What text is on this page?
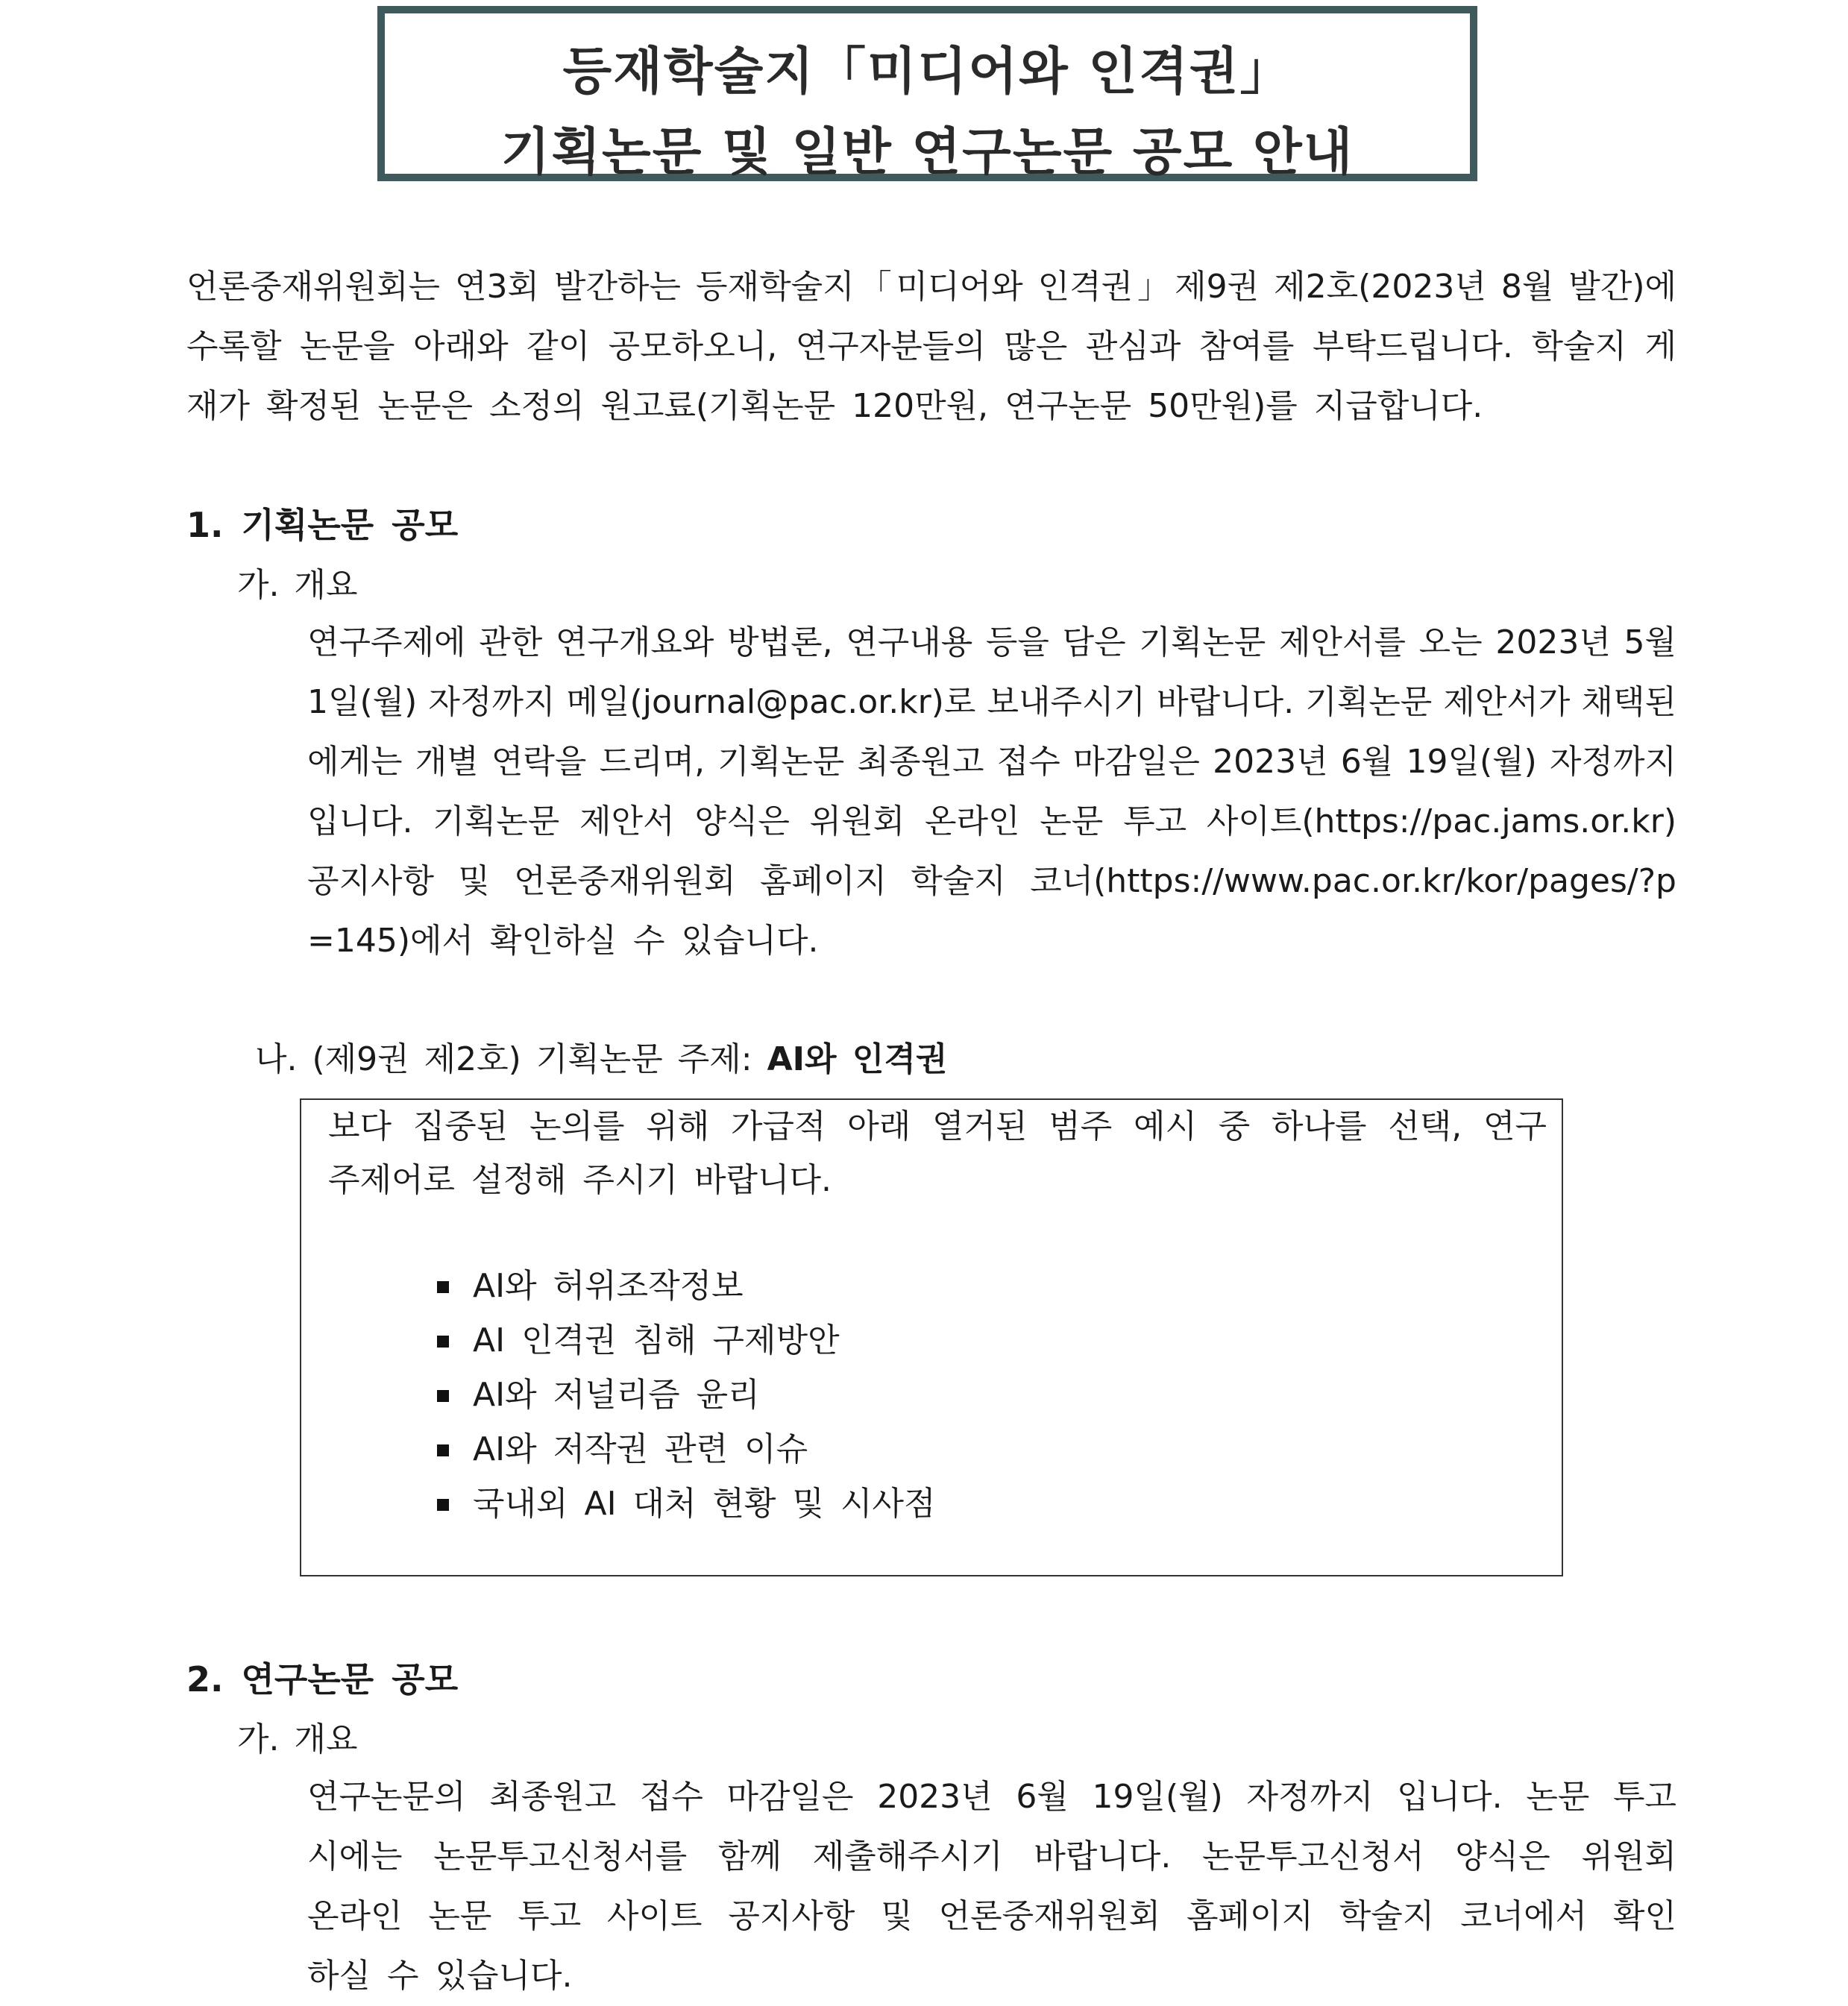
등재학술지「미디어와 인격권」
기획논문 및 일반 연구논문 공모 안내
언론중재위원회는 연3회 발간하는 등재학술지「미디어와 인격권」제9권 제2호(2023년 8월 발간)에
수록할 논문을 아래와 같이 공모하오니, 연구자분들의 많은 관심과 참여를 부탁드립니다. 학술지 게
재가 확정된 논문은 소정의 원고료(기획논문 120만원, 연구논문 50만원)를 지급합니다.
1. 기획논문 공모
가. 개요
연구주제에 관한 연구개요와 방법론, 연구내용 등을 담은 기획논문 제안서를 오는 2023년 5월
1일(월) 자정까지 메일(journal@pac.or.kr)로 보내주시기 바랍니다. 기획논문 제안서가 채택된
에게는 개별 연락을 드리며, 기획논문 최종원고 접수 마감일은 2023년 6월 19일(월) 자정까지
입니다. 기획논문 제안서 양식은 위원회 온라인 논문 투고 사이트(https://pac.jams.or.kr)
공지사항 및 언론중재위원회 홈페이지 학술지 코너(https://www.pac.or.kr/kor/pages/?p
=145)에서 확인하실 수 있습니다.
나. (제9권 제2호) 기획논문 주제: AI와 인격권
보다 집중된 논의를 위해 가급적 아래 열거된 범주 예시 중 하나를 선택, 연구
주제어로 설정해 주시기 바랍니다.
AI와 허위조작정보
AI 인격권 침해 구제방안
AI와 저널리즘 윤리
AI와 저작권 관련 이슈
국내외 AI 대처 현황 및 시사점
2. 연구논문 공모
가. 개요
연구논문의 최종원고 접수 마감일은 2023년 6월 19일(월) 자정까지 입니다. 논문 투고
시에는 논문투고신청서를 함께 제출해주시기 바랍니다. 논문투고신청서 양식은 위원회
온라인 논문 투고 사이트 공지사항 및 언론중재위원회 홈페이지 학술지 코너에서 확인
하실 수 있습니다.
